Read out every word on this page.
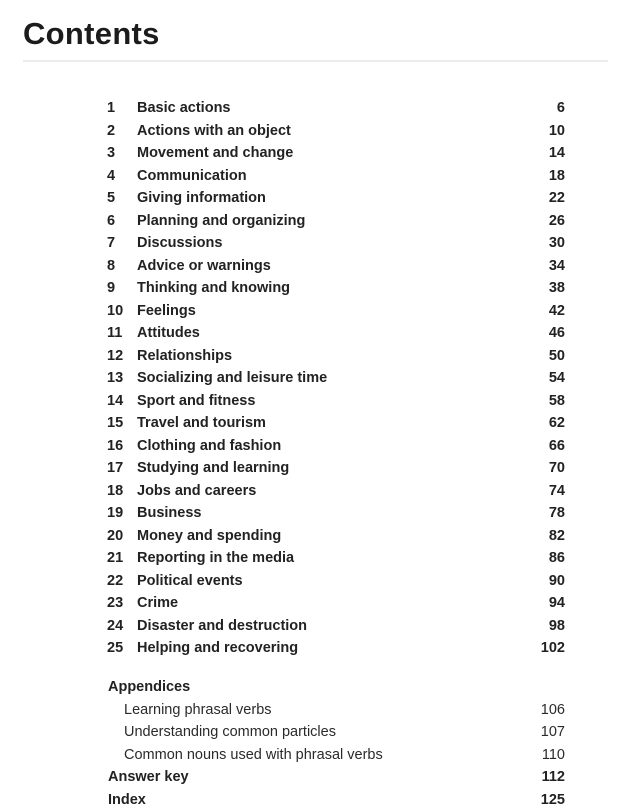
Contents
1	Basic actions	6
2	Actions with an object	10
3	Movement and change	14
4	Communication	18
5	Giving information	22
6	Planning and organizing	26
7	Discussions	30
8	Advice or warnings	34
9	Thinking and knowing	38
10 Feelings	42
11	Attitudes	46
12 Relationships	50
13 Socializing and leisure time	54
14 Sport and fitness	58
15 Travel and tourism	62
16 Clothing and fashion	66
17 Studying and learning	70
18 Jobs and careers	74
19 Business	78
20 Money and spending	82
21 Reporting in the media	86
22 Political events	90
23 Crime	94
24 Disaster and destruction	98
25 Helping and recovering	102
Appendices
Learning phrasal verbs	106
Understanding common particles	107
Common nouns used with phrasal verbs	110
Answer key	112
Index	125
